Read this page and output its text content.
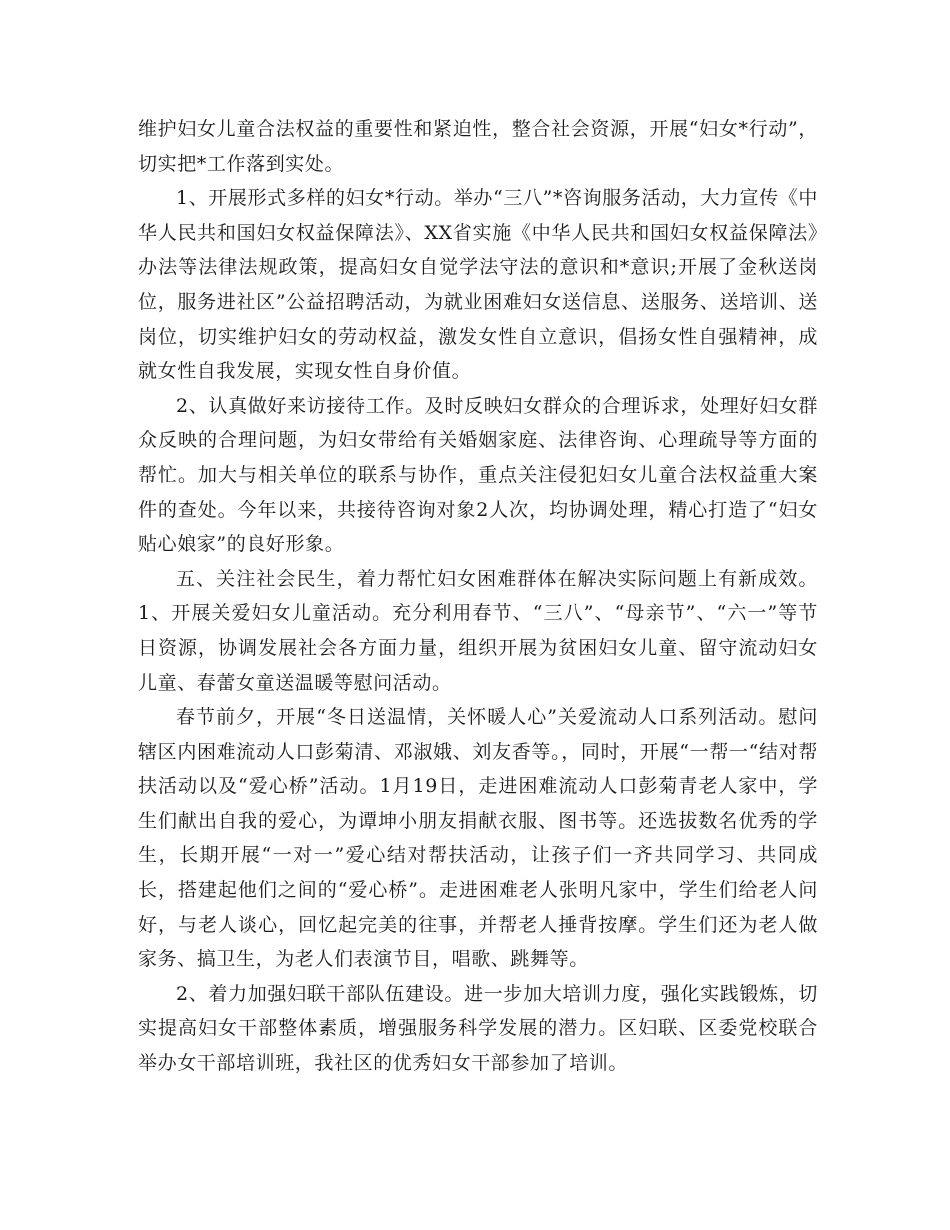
维护妇女儿童合法权益的重要性和紧迫性，整合社会资源，开展“妇女*行动”，切实把*工作落到实处。

1、开展形式多样的妇女*行动。举办“三八”*咨询服务活动，大力宣传《中华人民共和国妇女权益保障法》、XX省实施《中华人民共和国妇女权益保障法》办法等法律法规政策，提高妇女自觉学法守法的意识和*意识;开展了金秋送岗位，服务进社区”公益招聘活动，为就业困难妇女送信息、送服务、送培训、送岗位，切实维护妇女的劳动权益，激发女性自立意识，倡扬女性自强精神，成就女性自我发展，实现女性自身价值。

2、认真做好来访接待工作。及时反映妇女群众的合理诉求，处理好妇女群众反映的合理问题，为妇女带给有关婚姻家庭、法律咨询、心理疏导等方面的帮忙。加大与相关单位的联系与协作，重点关注侵犯妇女儿童合法权益重大案件的查处。今年以来，共接待咨询对象2人次，均协调处理，精心打造了“妇女贴心娘家”的良好形象。

五、关注社会民生，着力帮忙妇女困难群体在解决实际问题上有新成效。1、开展关爱妇女儿童活动。充分利用春节、“三八”、“母亲节”、“六一”等节日资源，协调发展社会各方面力量，组织开展为贫困妇女儿童、留守流动妇女儿童、春蕾女童送温暖等慰问活动。

春节前夕，开展“冬日送温情，关怀暖人心”关爱流动人口系列活动。慰问辖区内困难流动人口彭菊清、邓淑娥、刘友香等。，同时，开展“一帮一“结对帮扶活动以及“爱心桥”活动。1月19日，走进困难流动人口彭菊青老人家中，学生们献出自我的爱心，为谭坤小朋友捐献衣服、图书等。还选拔数名优秀的学生，长期开展“一对一”爱心结对帮扶活动，让孩子们一齐共同学习、共同成长，搭建起他们之间的“爱心桥”。走进困难老人张明凡家中，学生们给老人问好，与老人谈心，回忆起完美的往事，并帮老人捶背按摩。学生们还为老人做家务、搞卫生，为老人们表演节目，唱歌、跳舞等。

2、着力加强妇联干部队伍建设。进一步加大培训力度，强化实践锻炼，切实提高妇女干部整体素质，增强服务科学发展的潜力。区妇联、区委党校联合举办女干部培训班，我社区的优秀妇女干部参加了培训。
